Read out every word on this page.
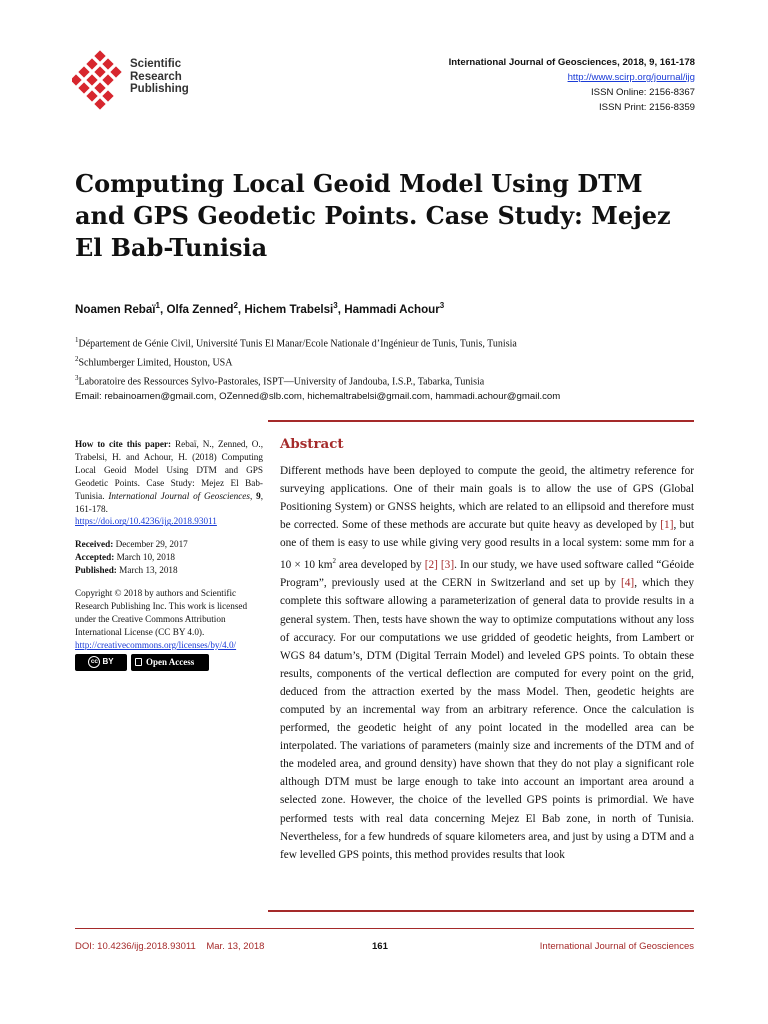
Scientific
Research
Publishing
International Journal of Geosciences, 2018, 9, 161-178
http://www.scirp.org/journal/ijg
ISSN Online: 2156-8367
ISSN Print: 2156-8359
Computing Local Geoid Model Using DTM and GPS Geodetic Points. Case Study: Mejez El Bab-Tunisia
Noamen Rebaï$^1$, Olfa Zenned$^2$, Hichem Trabelsi$^3$, Hammadi Achour$^3$
$^1$Département de Génie Civil, Université Tunis El Manar/Ecole Nationale d’Ingénieur de Tunis, Tunis, Tunisia
$^2$Schlumberger Limited, Houston, USA
$^3$Laboratoire des Ressources Sylvo-Pastorales, ISPT—University of Jandouba, I.S.P., Tabarka, Tunisia
Email: rebainoamen@gmail.com, OZenned@slb.com, hichemaltrabelsi@gmail.com, hammadi.achour@gmail.com

How to cite this paper: Rebaï, N., Zenned, O., Trabelsi, H. and Achour, H. (2018) Computing Local Geoid Model Using DTM and GPS Geodetic Points. Case Study: Mejez El Bab-Tunisia. International Journal of Geosciences, 9, 161-178.
https://doi.org/10.4236/ijg.2018.93011

Received: December 29, 2017
Accepted: March 10, 2018
Published: March 13, 2018

Copyright © 2018 by authors and Scientific Research Publishing Inc. This work is licensed under the Creative Commons Attribution International License (CC BY 4.0).
http://creativecommons.org/licenses/by/4.0/

cc BY	Open Access
Abstract

Different methods have been deployed to compute the geoid, the altimetry reference for surveying applications. One of their main goals is to allow the use of GPS (Global Positioning System) or GNSS heights, which are related to an ellipsoid and therefore must be corrected. Some of these methods are accurate but quite heavy as developed by [1], but one of them is easy to use while giving very good results in a local system: some mm for a 10 × 10 $km^2$ area developed by [2] [3]. In our study, we have used software called “Géoide Program”, previously used at the CERN in Switzerland and set up by [4], which they complete this software allowing a parameterization of general data to provide results in a general system. Then, tests have shown the way to optimize computations without any loss of accuracy. For our computations we use gridded of geodetic heights, from Lambert or WGS 84 datum’s, DTM (Digital Terrain Model) and leveled GPS points. To obtain these results, components of the vertical deflection are computed for every point on the grid, deduced from the attraction exerted by the mass Model. Then, geodetic heights are computed by an incremental way from an arbitrary reference. Once the calculation is performed, the geodetic height of any point located in the modelled area can be interpolated. The variations of parameters (mainly size and increments of the DTM and of the modeled area, and ground density) have shown that they do not play a significant role although DTM must be large enough to take into account an important area around a selected zone. However, the choice of the levelled GPS points is primordial. We have performed tests with real data concerning Mejez El Bab zone, in north of Tunisia. Nevertheless, for a few hundreds of square kilometers area, and just by using a DTM and a few levelled GPS points, this method provides results that look

DOI: 10.4236/ijg.2018.93011 Mar. 13, 2018	161	International Journal of Geosciences
